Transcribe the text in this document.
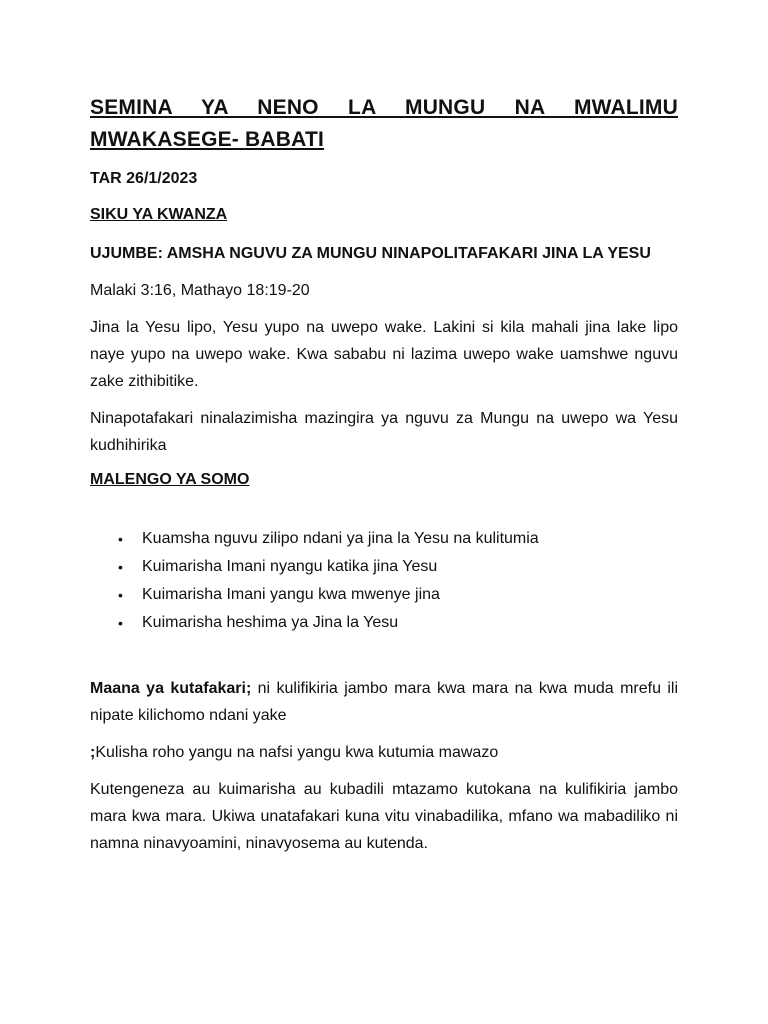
SEMINA YA NENO LA MUNGU NA MWALIMU MWAKASEGE- BABATI
TAR 26/1/2023
SIKU YA KWANZA
UJUMBE: AMSHA NGUVU ZA MUNGU NINAPOLITAFAKARI JINA LA YESU

Malaki 3:16, Mathayo 18:19-20

Jina la Yesu lipo, Yesu yupo na uwepo wake. Lakini si kila mahali jina lake lipo naye yupo na uwepo wake. Kwa sababu ni lazima uwepo wake uamshwe nguvu zake zithibitike.

Ninapotafakari ninalazimisha mazingira ya nguvu za Mungu na uwepo wa Yesu kudhihirika

MALENGO YA SOMO
• Kuamsha nguvu zilipo ndani ya jina la Yesu na kulitumia
• Kuimarisha Imani nyangu katika jina Yesu
• Kuimarisha Imani yangu kwa mwenye jina
• Kuimarisha heshima ya Jina la Yesu

Maana ya kutafakari; ni kulifikiria jambo mara kwa mara na kwa muda mrefu ili nipate kilichomo ndani yake

;Kulisha roho yangu na nafsi yangu kwa kutumia mawazo

Kutengeneza au kuimarisha au kubadili mtazamo kutokana na kulifikiria jambo mara kwa mara. Ukiwa unatafakari kuna vitu vinabadilika, mfano wa mabadiliko ni namna ninavyoamini, ninavyosema au kutenda.
